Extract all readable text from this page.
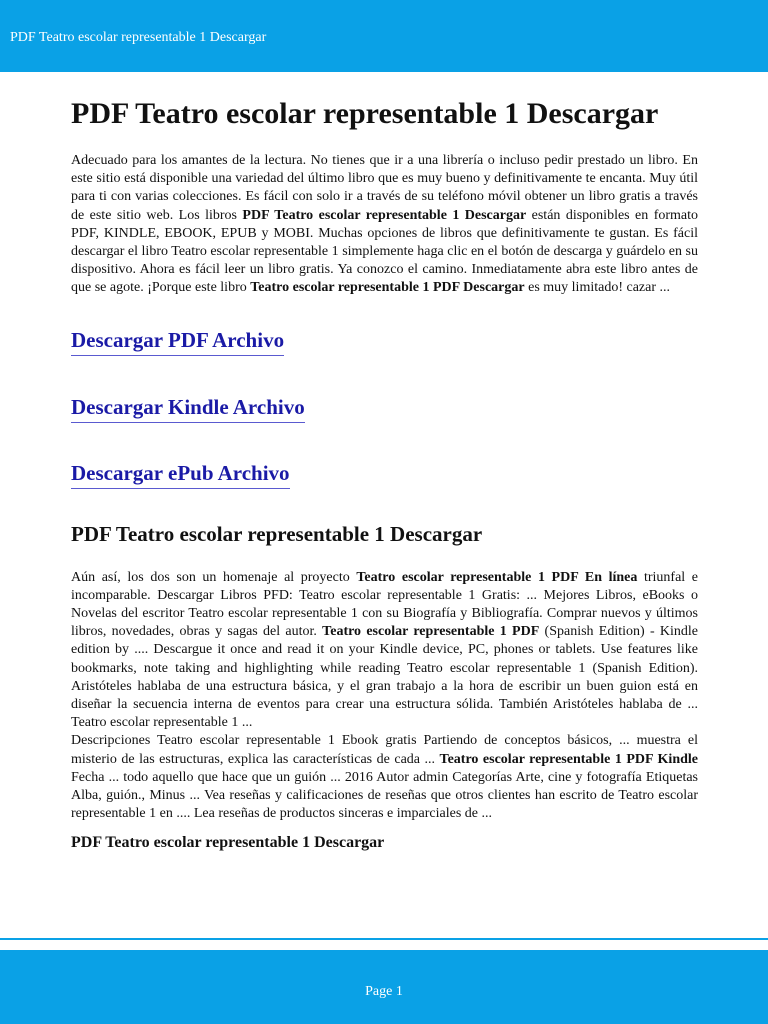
PDF Teatro escolar representable 1 Descargar
PDF Teatro escolar representable 1 Descargar

Adecuado para los amantes de la lectura. No tienes que ir a una librería o incluso pedir prestado un libro. En este sitio está disponible una variedad del último libro que es muy bueno y definitivamente te encanta. Muy útil para ti con varias colecciones. Es fácil con solo ir a través de su teléfono móvil obtener un libro gratis a través de este sitio web. Los libros PDF Teatro escolar representable 1 Descargar están disponibles en formato PDF, KINDLE, EBOOK, EPUB y MOBI. Muchas opciones de libros que definitivamente te gustan. Es fácil descargar el libro Teatro escolar representable 1 simplemente haga clic en el botón de descarga y guárdelo en su dispositivo. Ahora es fácil leer un libro gratis. Ya conozco el camino. Inmediatamente abra este libro antes de que se agote. ¡Porque este libro Teatro escolar representable 1 PDF Descargar es muy limitado! cazar ...

Descargar PDF Archivo
Descargar Kindle Archivo
Descargar ePub Archivo
PDF Teatro escolar representable 1 Descargar

Aún así, los dos son un homenaje al proyecto Teatro escolar representable 1 PDF En línea triunfal e incomparable. Descargar Libros PFD: Teatro escolar representable 1 Gratis: ... Mejores Libros, eBooks o Novelas del escritor Teatro escolar representable 1 con su Biografía y Bibliografía. Comprar nuevos y últimos libros, novedades, obras y sagas del autor. Teatro escolar representable 1 PDF (Spanish Edition) - Kindle edition by .... Descargue it once and read it on your Kindle device, PC, phones or tablets. Use features like bookmarks, note taking and highlighting while reading Teatro escolar representable 1 (Spanish Edition). Aristóteles hablaba de una estructura básica, y el gran trabajo a la hora de escribir un buen guion está en diseñar la secuencia interna de eventos para crear una estructura sólida. También Aristóteles hablaba de ... Teatro escolar representable 1 ...

Descripciones Teatro escolar representable 1 Ebook gratis Partiendo de conceptos básicos, ... muestra el misterio de las estructuras, explica las características de cada ... Teatro escolar representable 1 PDF Kindle Fecha ... todo aquello que hace que un guión ... 2016 Autor admin Categorías Arte, cine y fotografía Etiquetas Alba, guión., Minus ... Vea reseñas y calificaciones de reseñas que otros clientes han escrito de Teatro escolar representable 1 en .... Lea reseñas de productos sinceras e imparciales de ...

PDF Teatro escolar representable 1 Descargar
Page 1
